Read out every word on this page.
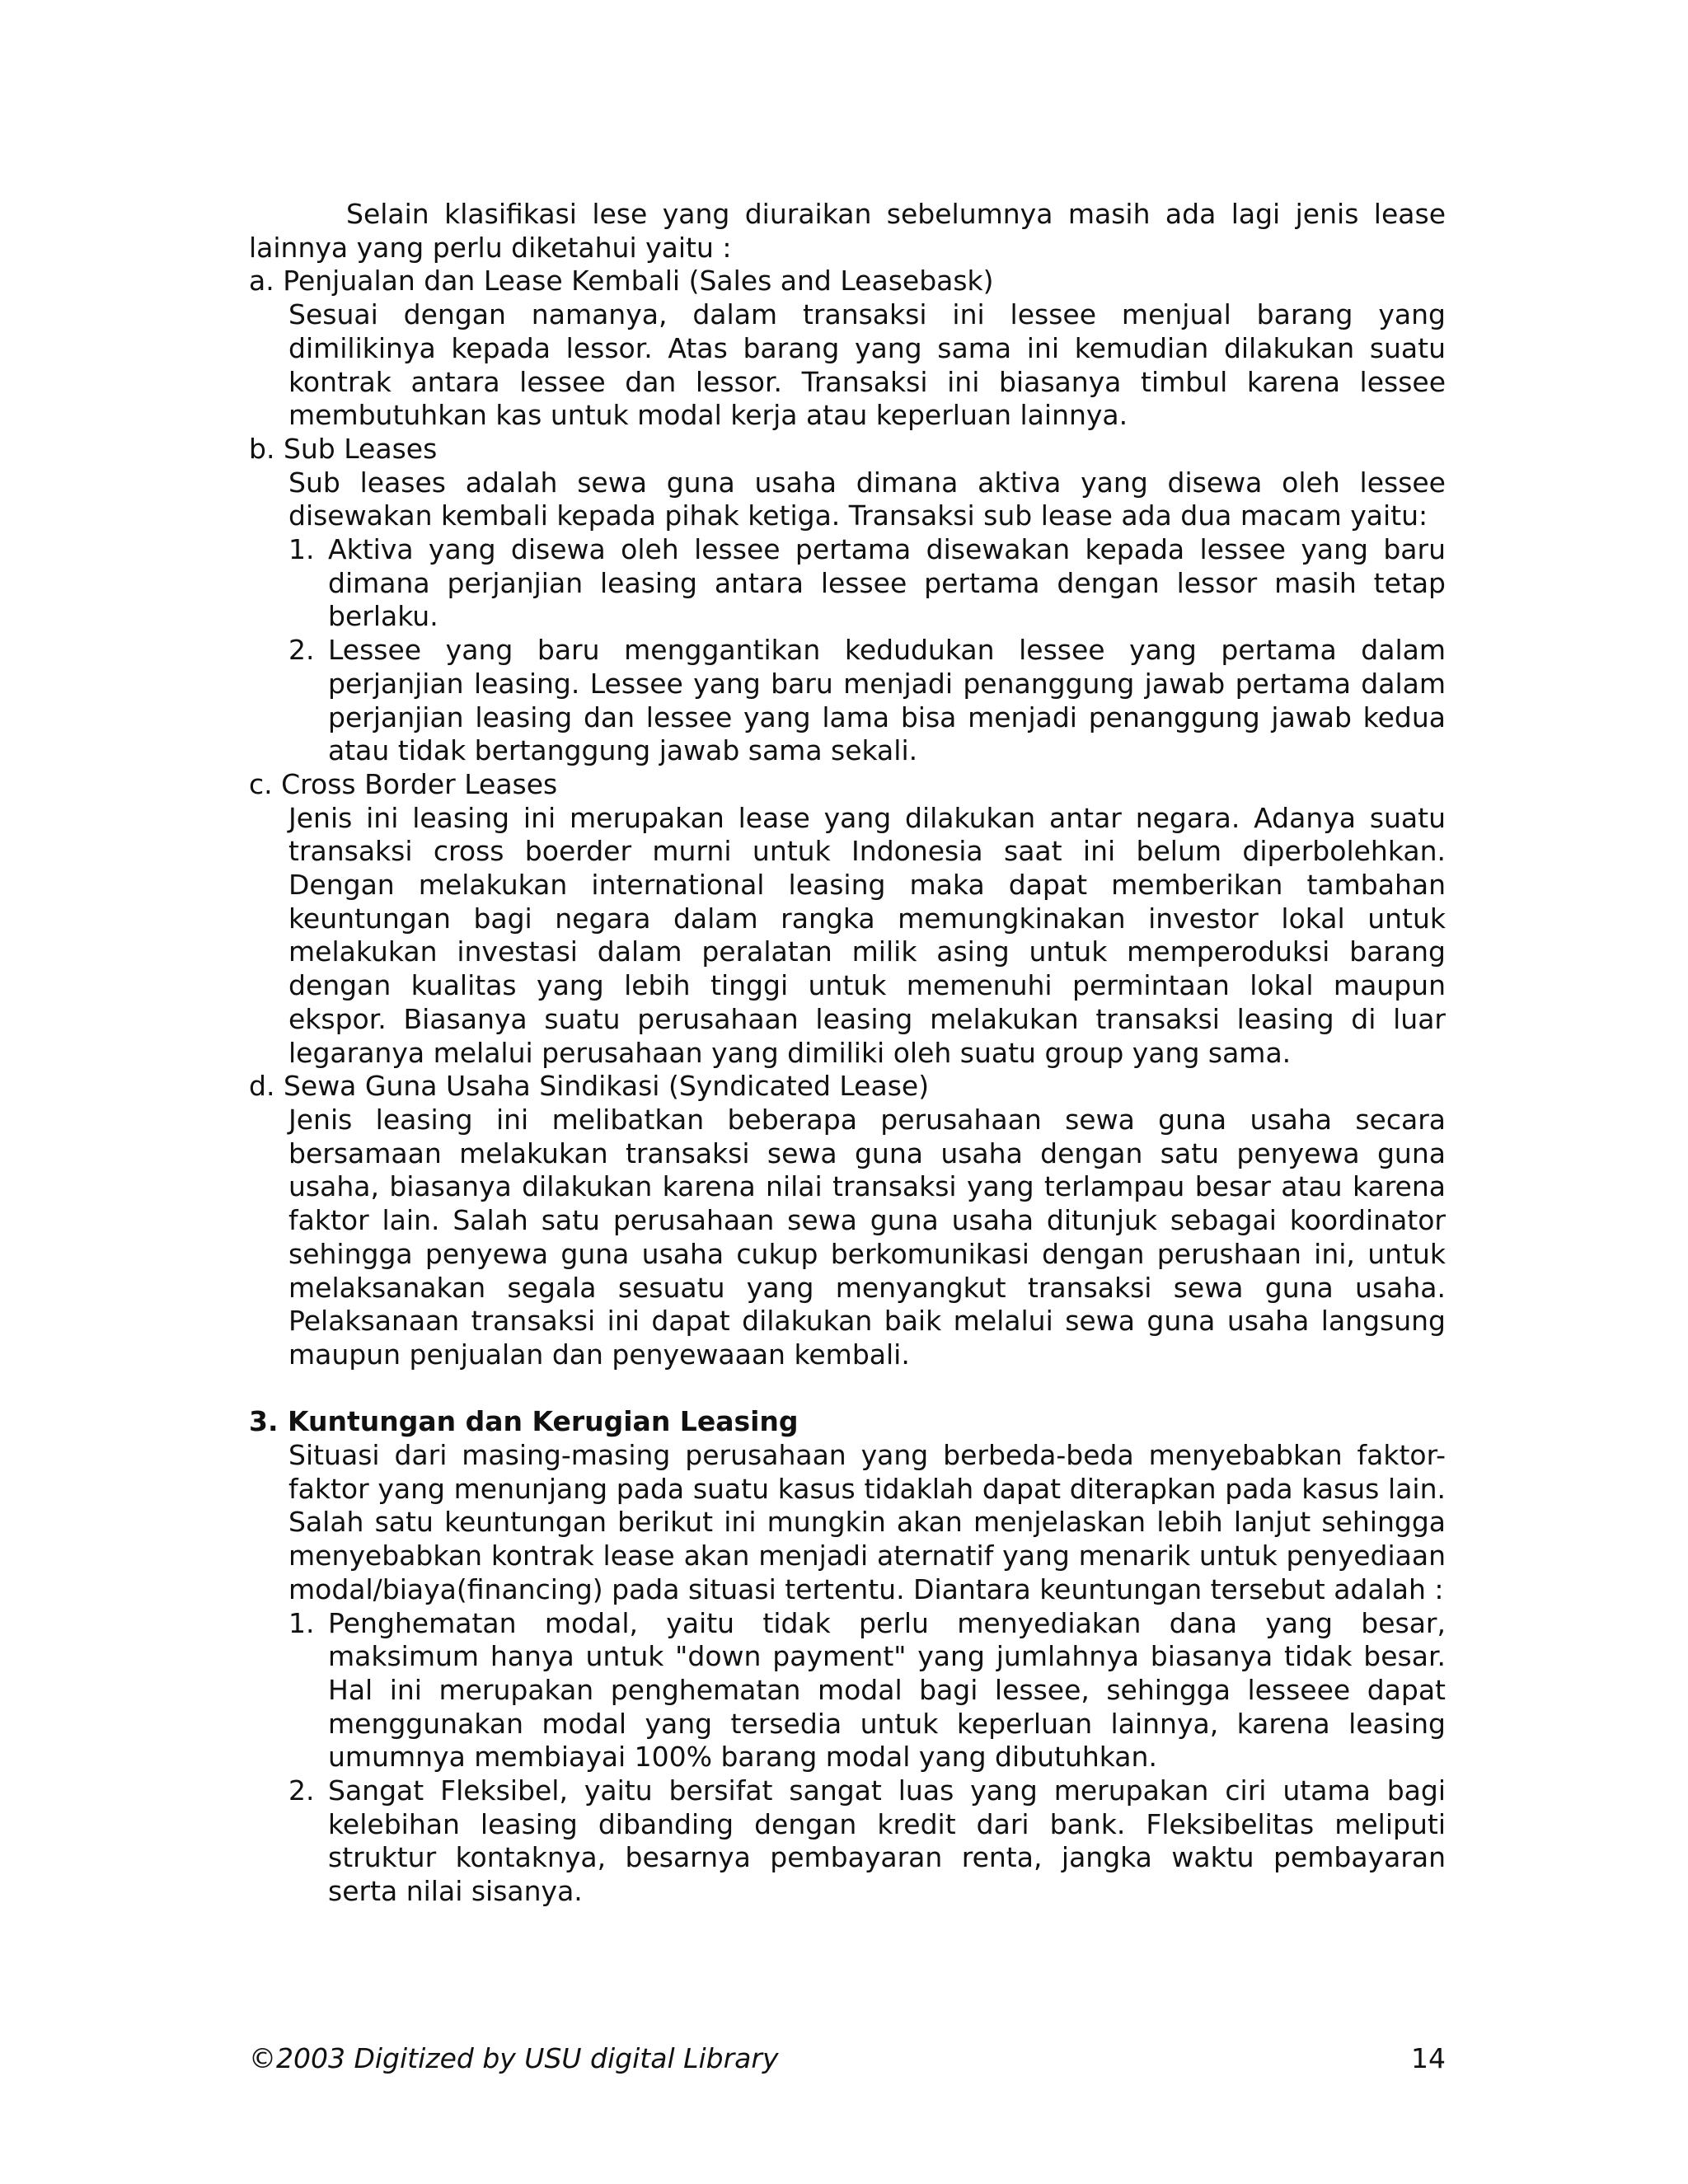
Selain klasifikasi lese yang diuraikan sebelumnya masih ada lagi jenis lease lainnya yang perlu diketahui yaitu :

a. Penjualan dan Lease Kembali (Sales and Leasebask)

Sesuai dengan namanya, dalam transaksi ini lessee menjual barang yang dimilikinya kepada lessor. Atas barang yang sama ini kemudian dilakukan suatu kontrak antara lessee dan lessor. Transaksi ini biasanya timbul karena lessee membutuhkan kas untuk modal kerja atau keperluan lainnya.

b. Sub Leases

Sub leases adalah sewa guna usaha dimana aktiva yang disewa oleh lessee disewakan kembali kepada pihak ketiga. Transaksi sub lease ada dua macam yaitu:

1. Aktiva yang disewa oleh lessee pertama disewakan kepada lessee yang baru dimana perjanjian leasing antara lessee pertama dengan lessor masih tetap berlaku.
2. Lessee yang baru menggantikan kedudukan lessee yang pertama dalam perjanjian leasing. Lessee yang baru menjadi penanggung jawab pertama dalam perjanjian leasing dan lessee yang lama bisa menjadi penanggung jawab kedua atau tidak bertanggung jawab sama sekali.

c. Cross Border Leases

Jenis ini leasing ini merupakan lease yang dilakukan antar negara. Adanya suatu transaksi cross boerder murni untuk Indonesia saat ini belum diperbolehkan. Dengan melakukan international leasing maka dapat memberikan tambahan keuntungan bagi negara dalam rangka memungkinakan investor lokal untuk melakukan investasi dalam peralatan milik asing untuk memperoduksi barang dengan kualitas yang lebih tinggi untuk memenuhi permintaan lokal maupun ekspor. Biasanya suatu perusahaan leasing melakukan transaksi leasing di luar legaranya melalui perusahaan yang dimiliki oleh suatu group yang sama.

d. Sewa Guna Usaha Sindikasi (Syndicated Lease)

Jenis leasing ini melibatkan beberapa perusahaan sewa guna usaha secara bersamaan melakukan transaksi sewa guna usaha dengan satu penyewa guna usaha, biasanya dilakukan karena nilai transaksi yang terlampau besar atau karena faktor lain. Salah satu perusahaan sewa guna usaha ditunjuk sebagai koordinator sehingga penyewa guna usaha cukup berkomunikasi dengan perushaan ini, untuk melaksanakan segala sesuatu yang menyangkut transaksi sewa guna usaha. Pelaksanaan transaksi ini dapat dilakukan baik melalui sewa guna usaha langsung maupun penjualan dan penyewaaan kembali.

3. Kuntungan dan Kerugian Leasing

Situasi dari masing-masing perusahaan yang berbeda-beda menyebabkan faktor-faktor yang menunjang pada suatu kasus tidaklah dapat diterapkan pada kasus lain. Salah satu keuntungan berikut ini mungkin akan menjelaskan lebih lanjut sehingga menyebabkan kontrak lease akan menjadi aternatif yang menarik untuk penyediaan modal/biaya(financing) pada situasi tertentu. Diantara keuntungan tersebut adalah :

1. Penghematan modal, yaitu tidak perlu menyediakan dana yang besar, maksimum hanya untuk "down payment" yang jumlahnya biasanya tidak besar. Hal ini merupakan penghematan modal bagi lessee, sehingga lesseee dapat menggunakan modal yang tersedia untuk keperluan lainnya, karena leasing umumnya membiayai 100% barang modal yang dibutuhkan.
2. Sangat Fleksibel, yaitu bersifat sangat luas yang merupakan ciri utama bagi kelebihan leasing dibanding dengan kredit dari bank. Fleksibelitas meliputi struktur kontaknya, besarnya pembayaran renta, jangka waktu pembayaran serta nilai sisanya.
©2003 Digitized by USU digital Library	14
